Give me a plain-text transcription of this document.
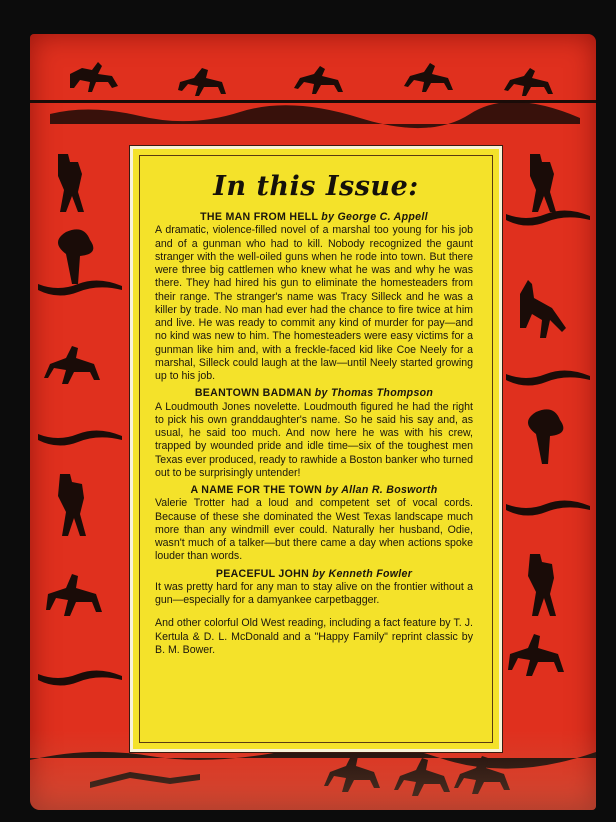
In this Issue:
THE MAN FROM HELL by George C. Appell
A dramatic, violence-filled novel of a marshal too young for his job and of a gunman who had to kill. Nobody recognized the gaunt stranger with the well-oiled guns when he rode into town. But there were three big cattlemen who knew what he was and why he was there. They had hired his gun to eliminate the homesteaders from their range. The stranger's name was Tracy Silleck and he was a killer by trade. No man had ever had the chance to fire twice at him and live. He was ready to commit any kind of murder for pay—and no kind was new to him. The homesteaders were easy victims for a gunman like him and, with a freckle-faced kid like Coe Neely for a marshal, Silleck could laugh at the law—until Neely started growing up to his job.
BEANTOWN BADMAN by Thomas Thompson
A Loudmouth Jones novelette. Loudmouth figured he had the right to pick his own granddaughter's name. So he said his say and, as usual, he said too much. And now here he was with his crew, trapped by wounded pride and idle time—six of the toughest men Texas ever produced, ready to rawhide a Boston banker who turned out to be surprisingly untender!
A NAME FOR THE TOWN by Allan R. Bosworth
Valerie Trotter had a loud and competent set of vocal cords. Because of these she dominated the West Texas landscape much more than any windmill ever could. Naturally her husband, Odie, wasn't much of a talker—but there came a day when actions spoke louder than words.
PEACEFUL JOHN by Kenneth Fowler
It was pretty hard for any man to stay alive on the frontier without a gun—especially for a damyankee carpetbagger.
And other colorful Old West reading, including a fact feature by T. J. Kertula & D. L. McDonald and a "Happy Family" reprint classic by B. M. Bower.
